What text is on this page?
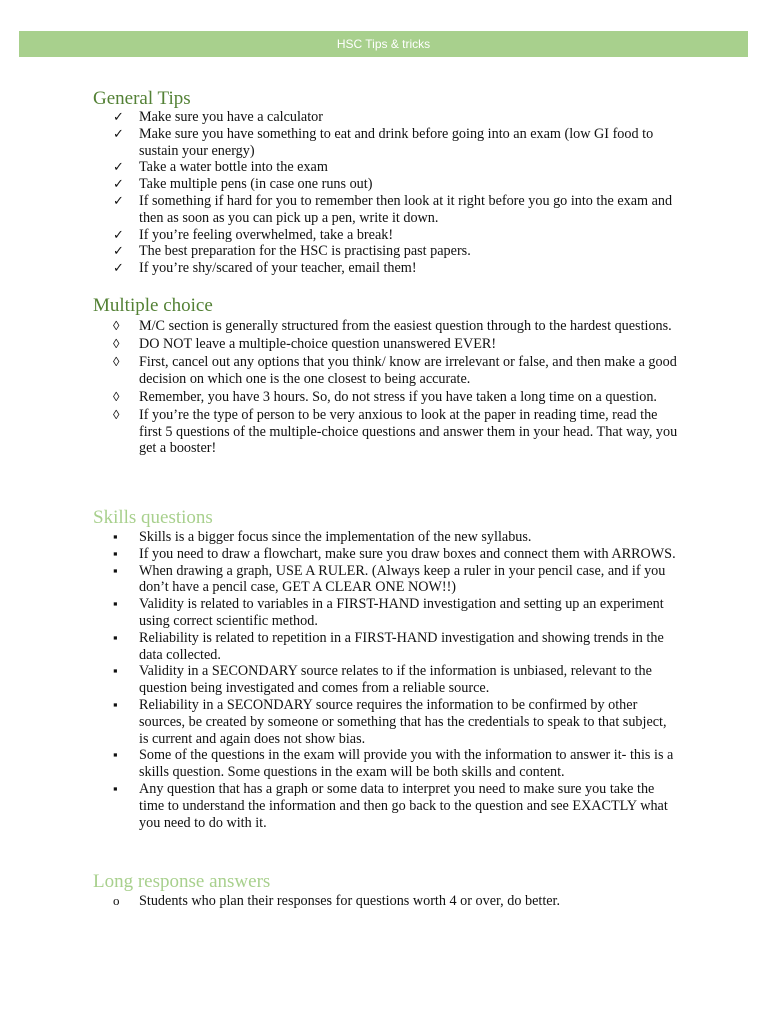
HSC Tips & tricks
General Tips
✓	Make sure you have a calculator
✓	Make sure you have something to eat and drink before going into an exam (low GI food to sustain your energy)
✓	Take a water bottle into the exam
✓	Take multiple pens (in case one runs out)
✓	If something if hard for you to remember then look at it right before you go into the exam and then as soon as you can pick up a pen, write it down.
✓	If you’re feeling overwhelmed, take a break!
✓	The best preparation for the HSC is practising past papers.
✓	If you’re shy/scared of your teacher, email them!
Multiple choice
◊	M/C section is generally structured from the easiest question through to the hardest questions.
◊	DO NOT leave a multiple-choice question unanswered EVER!
◊	First, cancel out any options that you think/ know are irrelevant or false, and then make a good decision on which one is the one closest to being accurate.
◊	Remember, you have 3 hours. So, do not stress if you have taken a long time on a question.
◊	If you’re the type of person to be very anxious to look at the paper in reading time, read the first 5 questions of the multiple-choice questions and answer them in your head. That way, you get a booster!
Skills questions
▪	Skills is a bigger focus since the implementation of the new syllabus.
▪	If you need to draw a flowchart, make sure you draw boxes and connect them with ARROWS.
▪	When drawing a graph, USE A RULER. (Always keep a ruler in your pencil case, and if you don’t have a pencil case, GET A CLEAR ONE NOW!!)
▪	Validity is related to variables in a FIRST-HAND investigation and setting up an experiment using correct scientific method.
▪	Reliability is related to repetition in a FIRST-HAND investigation and showing trends in the data collected.
▪	Validity in a SECONDARY source relates to if the information is unbiased, relevant to the question being investigated and comes from a reliable source.
▪	Reliability in a SECONDARY source requires the information to be confirmed by other sources, be created by someone or something that has the credentials to speak to that subject, is current and again does not show bias.
▪	Some of the questions in the exam will provide you with the information to answer it- this is a skills question. Some questions in the exam will be both skills and content.
▪	Any question that has a graph or some data to interpret you need to make sure you take the time to understand the information and then go back to the question and see EXACTLY what you need to do with it.
Long response answers
o	Students who plan their responses for questions worth 4 or over, do better.
